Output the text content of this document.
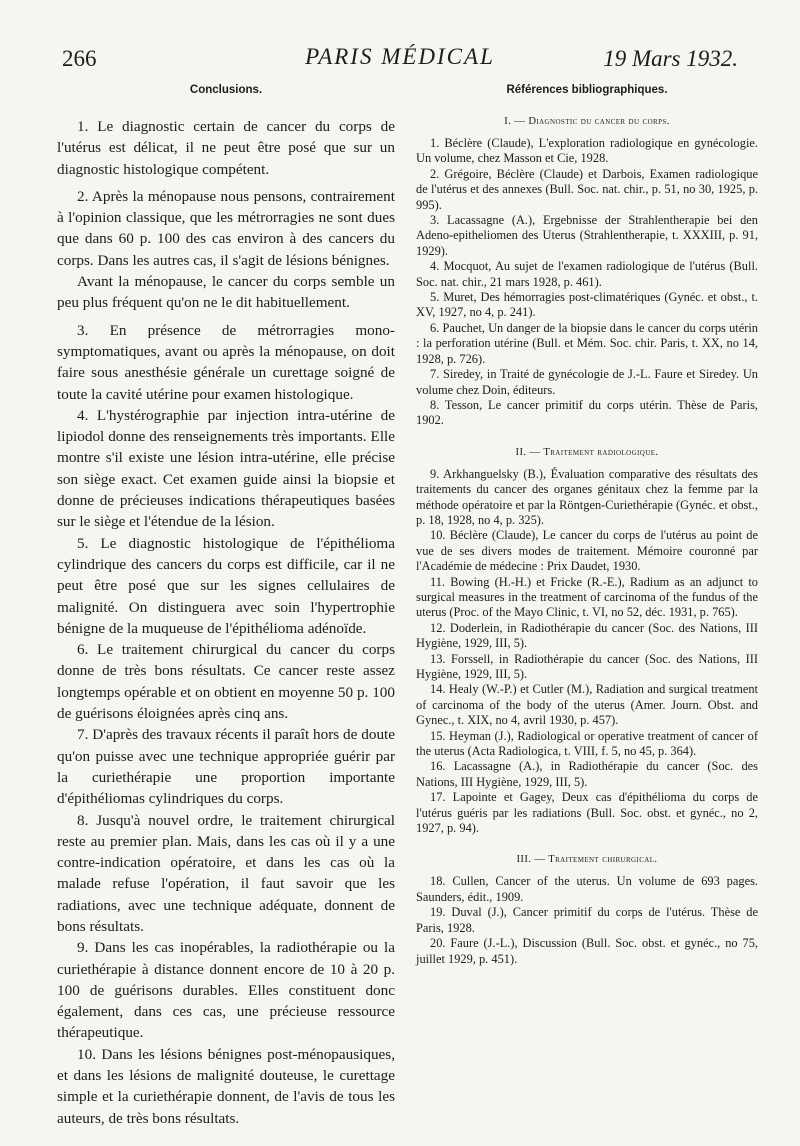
266	PARIS MÉDICAL	19 Mars 1932.
Conclusions.

1. Le diagnostic certain de cancer du corps de l'utérus est délicat, il ne peut être posé que sur un diagnostic histologique compétent.

2. Après la ménopause nous pensons, contrairement à l'opinion classique, que les métrorragies ne sont dues que dans 60 p. 100 des cas environ à des cancers du corps. Dans les autres cas, il s'agit de lésions bénignes.

Avant la ménopause, le cancer du corps semble un peu plus fréquent qu'on ne le dit habituellement.

3. En présence de métrorragies mono-symptomatiques, avant ou après la ménopause, on doit faire sous anesthésie générale un curettage soigné de toute la cavité utérine pour examen histologique.

4. L'hystérographie par injection intra-utérine de lipiodol donne des renseignements très importants. Elle montre s'il existe une lésion intra-utérine, elle précise son siège exact. Cet examen guide ainsi la biopsie et donne de précieuses indications thérapeutiques basées sur le siège et l'étendue de la lésion.

5. Le diagnostic histologique de l'épithélioma cylindrique des cancers du corps est difficile, car il ne peut être posé que sur les signes cellulaires de malignité. On distinguera avec soin l'hypertrophie bénigne de la muqueuse de l'épithélioma adénoïde.

6. Le traitement chirurgical du cancer du corps donne de très bons résultats. Ce cancer reste assez longtemps opérable et on obtient en moyenne 50 p. 100 de guérisons éloignées après cinq ans.

7. D'après des travaux récents il paraît hors de doute qu'on puisse avec une technique appropriée guérir par la curiethérapie une proportion importante d'épithéliomas cylindriques du corps.

8. Jusqu'à nouvel ordre, le traitement chirurgical reste au premier plan. Mais, dans les cas où il y a une contre-indication opératoire, et dans les cas où la malade refuse l'opération, il faut savoir que les radiations, avec une technique adéquate, donnent de bons résultats.

9. Dans les cas inopérables, la radiothérapie ou la curiethérapie à distance donnent encore de 10 à 20 p. 100 de guérisons durables. Elles constituent donc également, dans ces cas, une précieuse ressource thérapeutique.

10. Dans les lésions bénignes post-ménopausiques, et dans les lésions de malignité douteuse, le curettage simple et la curiethérapie donnent, de l'avis de tous les auteurs, de très bons résultats.

Références bibliographiques.
I. — Diagnostic du cancer du corps.

1. Béclère (Claude), L'exploration radiologique en gynécologie. Un volume, chez Masson et Cie, 1928.

2. Grégoire, Béclère (Claude) et Darbois, Examen radiologique de l'utérus et des annexes (Bull. Soc. nat. chir., p. 51, no 30, 1925, p. 995).

3. Lacassagne (A.), Ergebnisse der Strahlentherapie bei den Adeno-epitheliomen des Uterus (Strahlentherapie, t. XXXIII, p. 91, 1929).

4. Mocquot, Au sujet de l'examen radiologique de l'utérus (Bull. Soc. nat. chir., 21 mars 1928, p. 461).

5. Muret, Des hémorragies post-climatériques (Gynéc. et obst., t. XV, 1927, no 4, p. 241).

6. Pauchet, Un danger de la biopsie dans le cancer du corps utérin : la perforation utérine (Bull. et Mém. Soc. chir. Paris, t. XX, no 14, 1928, p. 726).

7. Siredey, in Traité de gynécologie de J.-L. Faure et Siredey. Un volume chez Doin, éditeurs.

8. Tesson, Le cancer primitif du corps utérin. Thèse de Paris, 1902.

II. — Traitement radiologique.

9. Arkhanguelsky (B.), Évaluation comparative des résultats des traitements du cancer des organes génitaux chez la femme par la méthode opératoire et par la Röntgen-Curiethérapie (Gynéc. et obst., p. 18, 1928, no 4, p. 325).

10. Béclère (Claude), Le cancer du corps de l'utérus au point de vue de ses divers modes de traitement. Mémoire couronné par l'Académie de médecine : Prix Daudet, 1930.

11. Bowing (H.-H.) et Fricke (R.-E.), Radium as an adjunct to surgical measures in the treatment of carcinoma of the fundus of the uterus (Proc. of the Mayo Clinic, t. VI, no 52, déc. 1931, p. 765).

12. Doderlein, in Radiothérapie du cancer (Soc. des Nations, III Hygiène, 1929, III, 5).

13. Forssell, in Radiothérapie du cancer (Soc. des Nations, III Hygiène, 1929, III, 5).

14. Healy (W.-P.) et Cutler (M.), Radiation and surgical treatment of carcinoma of the body of the uterus (Amer. Journ. Obst. and Gynec., t. XIX, no 4, avril 1930, p. 457).

15. Heyman (J.), Radiological or operative treatment of cancer of the uterus (Acta Radiologica, t. VIII, f. 5, no 45, p. 364).

16. Lacassagne (A.), in Radiothérapie du cancer (Soc. des Nations, III Hygiène, 1929, III, 5).

17. Lapointe et Gagey, Deux cas d'épithélioma du corps de l'utérus guéris par les radiations (Bull. Soc. obst. et gynéc., no 2, 1927, p. 94).

III. — Traitement chirurgical.

18. Cullen, Cancer of the uterus. Un volume de 693 pages. Saunders, édit., 1909.

19. Duval (J.), Cancer primitif du corps de l'utérus. Thèse de Paris, 1928.

20. Faure (J.-L.), Discussion (Bull. Soc. obst. et gynéc., no 75, juillet 1929, p. 451).
